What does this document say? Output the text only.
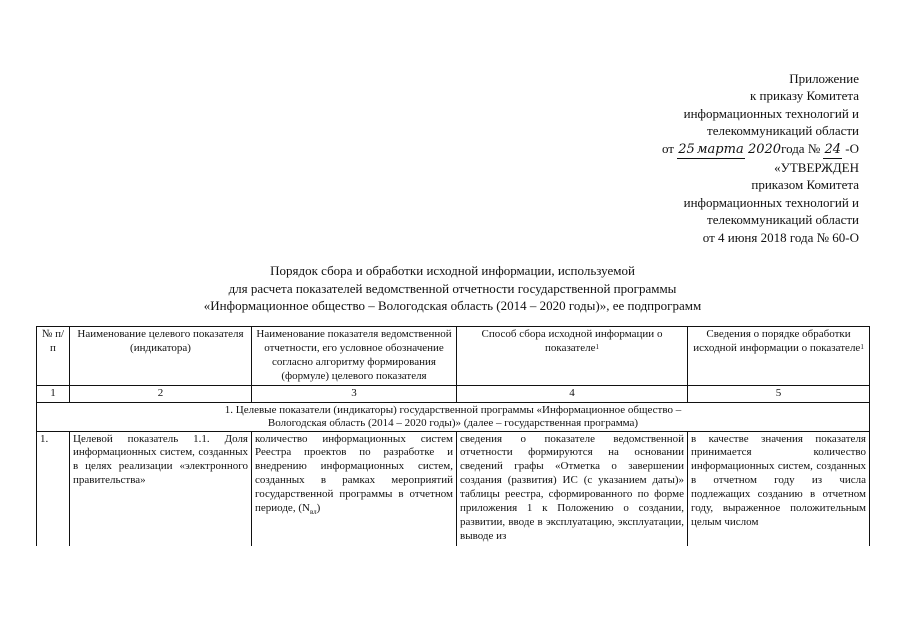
Приложение
к приказу Комитета
информационных технологий и
телекоммуникаций области
от 25 марта 2020года № 24 -О
«УТВЕРЖДЕН
приказом Комитета
информационных технологий и
телекоммуникаций области
от 4 июня 2018 года № 60-О
Порядок сбора и обработки исходной информации, используемой
для расчета показателей ведомственной отчетности государственной программы
«Информационное общество – Вологодская область (2014 – 2020 годы)», ее подпрограмм
№ п/п	Наименование целевого показателя (индикатора)	Наименование показателя ведомственной отчетности, его условное обозначение согласно алгоритму формирования (формуле) целевого показателя	Способ сбора исходной информации о показателе$^1$	Сведения о порядке обработки исходной информации о показателе$^1$
1	2	3	4	5

1. Целевые показатели (индикаторы) государственной программы «Информационное общество –
Вологодская область (2014 – 2020 годы)» (далее – государственная программа)				

1.	Целевой показатель 1.1. Доля информационных систем, созданных в целях реализации «электронного правительства»	количество информационных систем Реестра проектов по разработке и внедрению информационных систем, созданных в рамках мероприятий государственной программы в отчетном периоде, $(N_{вл})$	сведения о показателе ведомственной отчетности формируются на основании сведений графы «Отметка о завершении создания (развития) ИС (с указанием даты)» таблицы реестра, сформированного по форме приложения 1 к Положению о создании, развитии, вводе в эксплуатацию, эксплуатации, выводе из	в качестве значения показателя принимается количество информационных систем, созданных в отчетном году из числа подлежащих созданию в отчетном году, выраженное положительным целым числом
